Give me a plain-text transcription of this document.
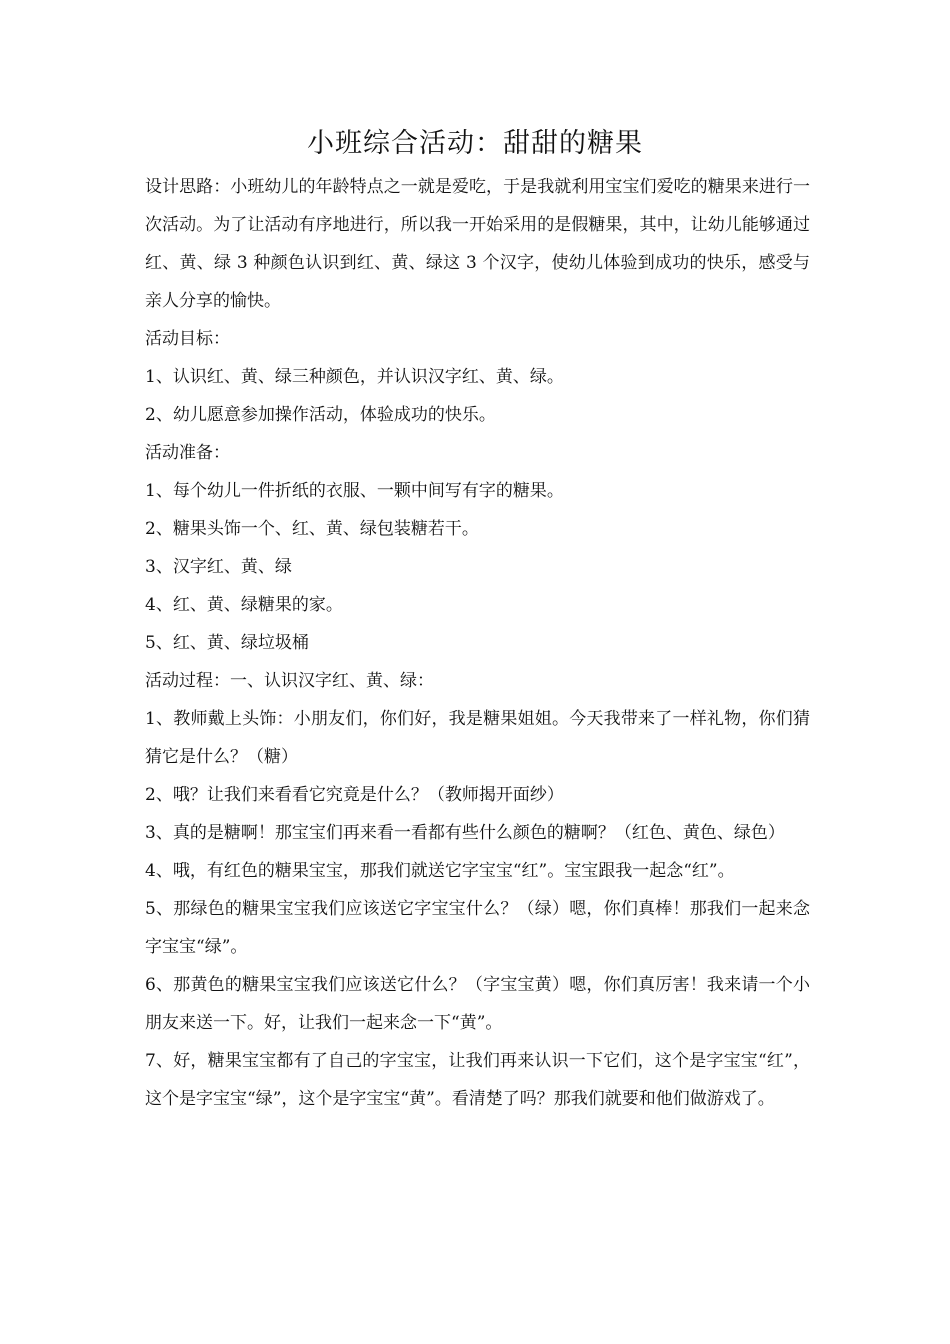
小班综合活动：甜甜的糖果

设计思路：小班幼儿的年龄特点之一就是爱吃，于是我就利用宝宝们爱吃的糖果来进行一次活动。为了让活动有序地进行，所以我一开始采用的是假糖果，其中，让幼儿能够通过红、黄、绿 3 种颜色认识到红、黄、绿这 3 个汉字，使幼儿体验到成功的快乐，感受与亲人分享的愉快。

活动目标：

1、认识红、黄、绿三种颜色，并认识汉字红、黄、绿。

2、幼儿愿意参加操作活动，体验成功的快乐。

活动准备：

1、每个幼儿一件折纸的衣服、一颗中间写有字的糖果。

2、糖果头饰一个、红、黄、绿包装糖若干。

3、汉字红、黄、绿

4、红、黄、绿糖果的家。

5、红、黄、绿垃圾桶

活动过程：一、认识汉字红、黄、绿：

1、教师戴上头饰：小朋友们，你们好，我是糖果姐姐。今天我带来了一样礼物，你们猜猜它是什么？（糖）

2、哦？让我们来看看它究竟是什么？（教师揭开面纱）

3、真的是糖啊！那宝宝们再来看一看都有些什么颜色的糖啊？（红色、黄色、绿色）

4、哦，有红色的糖果宝宝，那我们就送它字宝宝“红”。宝宝跟我一起念“红”。

5、那绿色的糖果宝宝我们应该送它字宝宝什么？（绿）嗯，你们真棒！那我们一起来念字宝宝“绿”。

6、那黄色的糖果宝宝我们应该送它什么？（字宝宝黄）嗯，你们真厉害！我来请一个小朋友来送一下。好，让我们一起来念一下“黄”。

7、好，糖果宝宝都有了自己的字宝宝，让我们再来认识一下它们，这个是字宝宝“红”，这个是字宝宝“绿”，这个是字宝宝“黄”。看清楚了吗？那我们就要和他们做游戏了。
